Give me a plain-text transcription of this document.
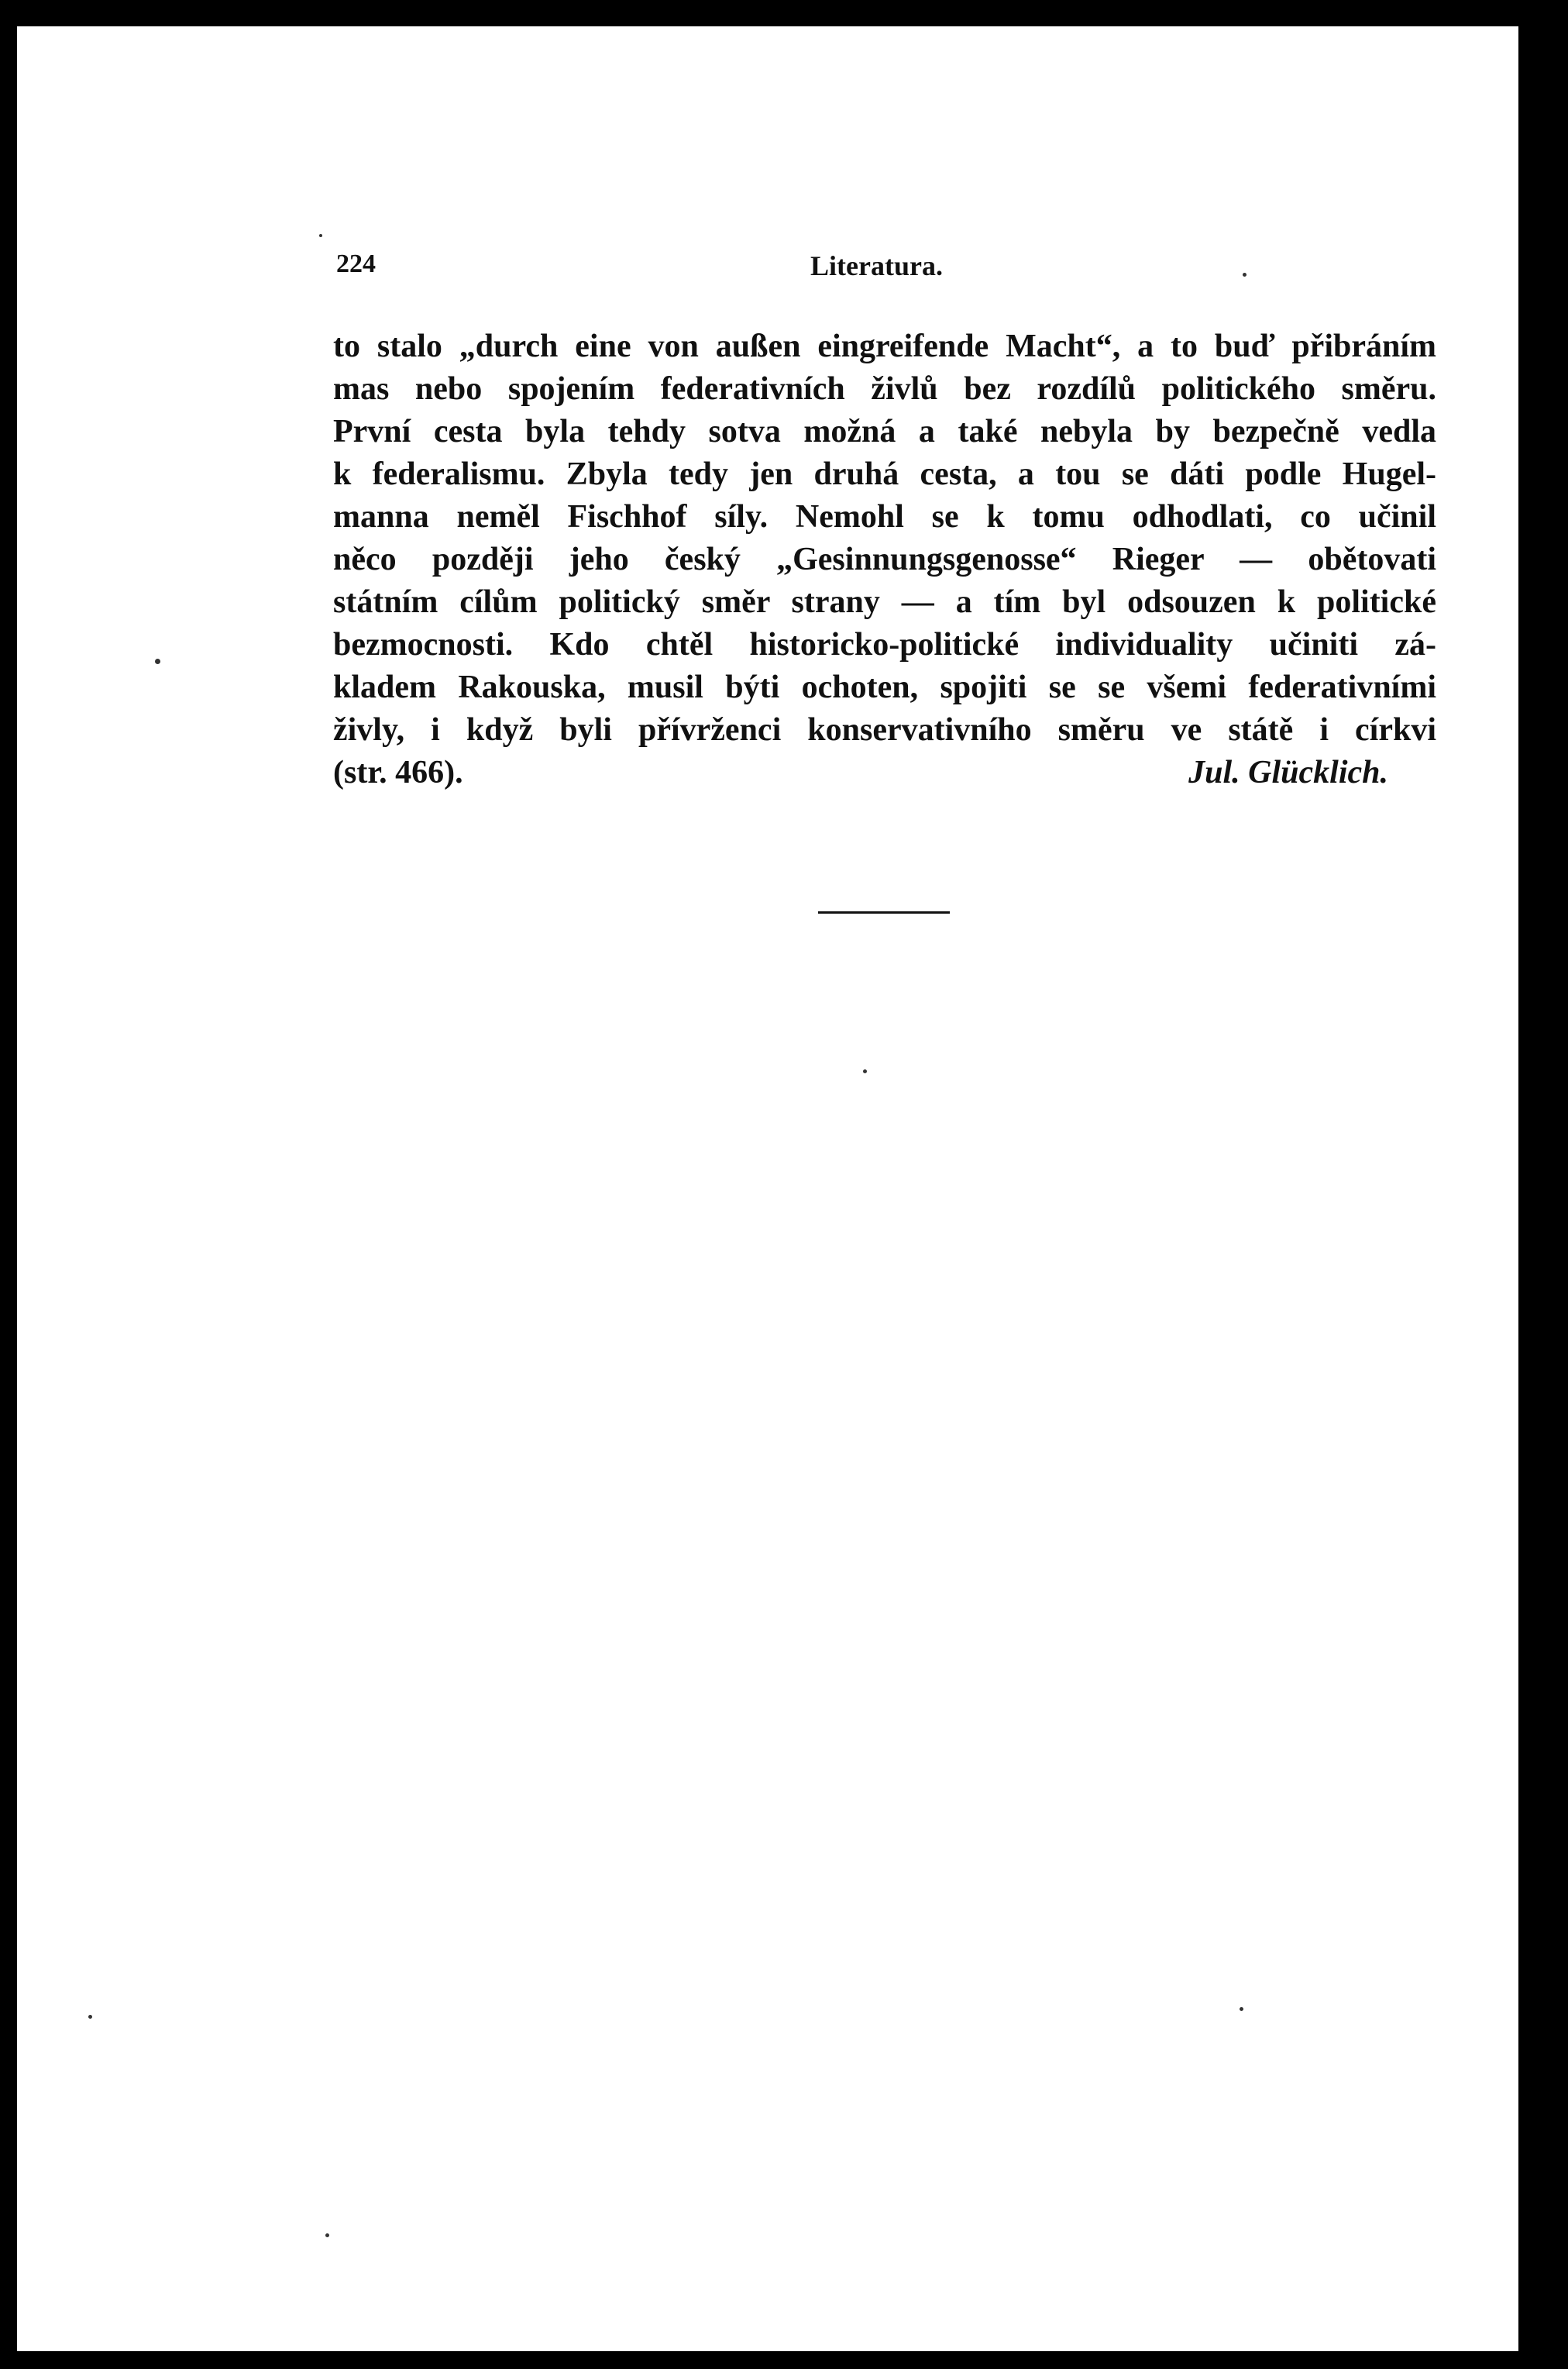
224	Literatura.
to stalo „durch eine von außen eingreifende Macht“, a to buď přibráním
mas nebo spojením federativních živlů bez rozdílů politického směru.
První cesta byla tehdy sotva možná a také nebyla by bezpečně vedla
k federalismu. Zbyla tedy jen druhá cesta, a tou se dáti podle Hugel-
manna neměl Fischhof síly. Nemohl se k tomu odhodlati, co učinil
něco později jeho český „Gesinnungsgenosse“ Rieger — obětovati
státním cílům politický směr strany — a tím byl odsouzen k politické
bezmocnosti. Kdo chtěl historicko-politické individuality učiniti zá-
kladem Rakouska, musil býti ochoten, spojiti se se všemi federativními
živly, i když byli přívrženci konservativního směru ve státě i církvi
(str. 466).	Jul. Glücklich.
